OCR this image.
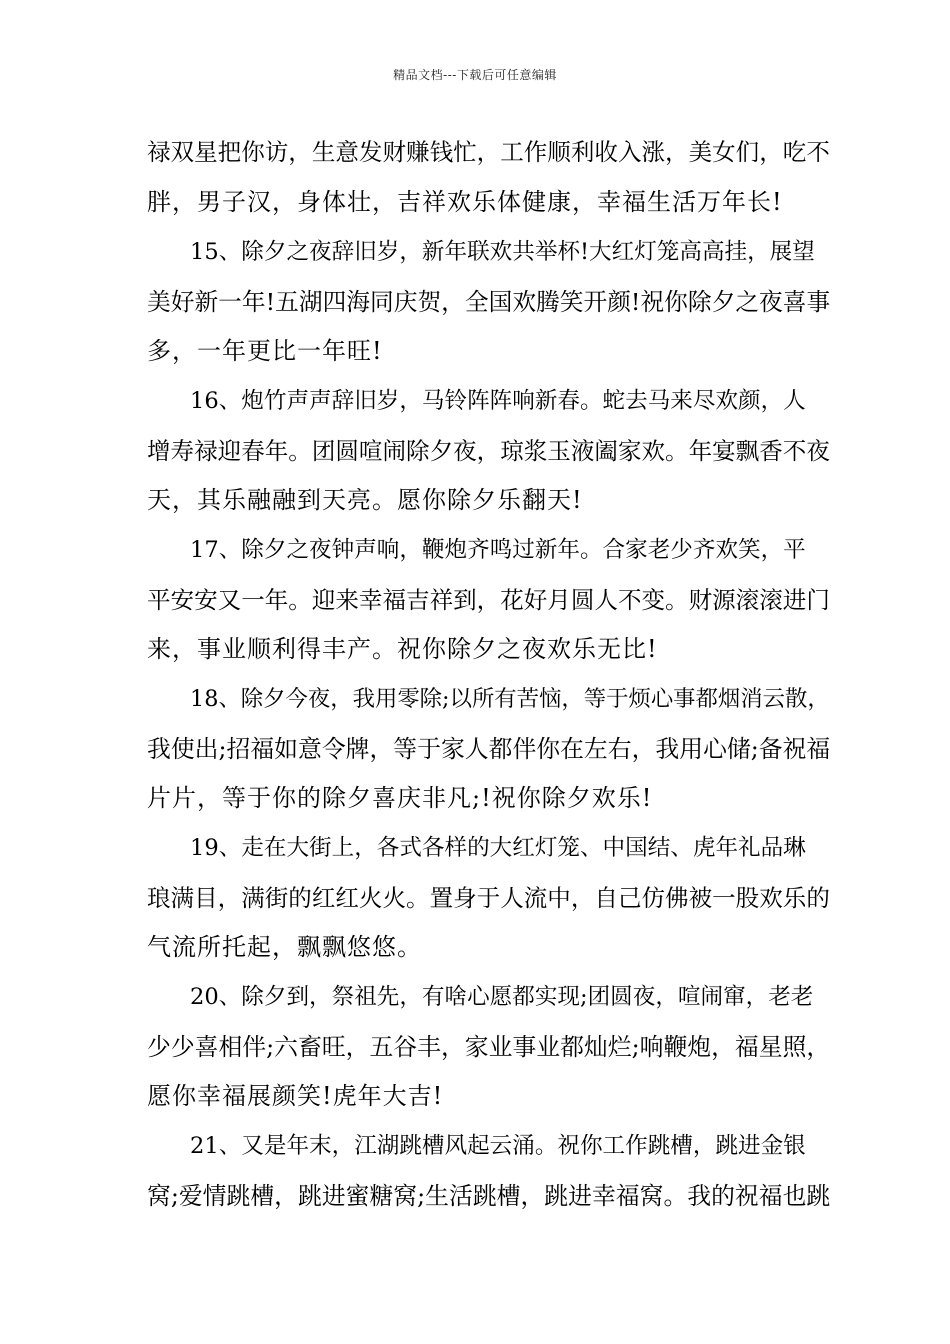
精品文档---下载后可任意编辑
禄双星把你访，生意发财赚钱忙，工作顺利收入涨，美女们，吃不
胖，男子汉，身体壮，吉祥欢乐体健康，幸福生活万年长!
15、除夕之夜辞旧岁，新年联欢共举杯!大红灯笼高高挂，展望
美好新一年!五湖四海同庆贺，全国欢腾笑开颜!祝你除夕之夜喜事
多，一年更比一年旺!
16、炮竹声声辞旧岁，马铃阵阵响新春。蛇去马来尽欢颜，人
增寿禄迎春年。团圆喧闹除夕夜，琼浆玉液阖家欢。年宴飘香不夜
天，其乐融融到天亮。愿你除夕乐翻天!
17、除夕之夜钟声响，鞭炮齐鸣过新年。合家老少齐欢笑，平
平安安又一年。迎来幸福吉祥到，花好月圆人不变。财源滚滚进门
来，事业顺利得丰产。祝你除夕之夜欢乐无比!
18、除夕今夜，我用零除;以所有苦恼，等于烦心事都烟消云散，
我使出;招福如意令牌，等于家人都伴你在左右，我用心储;备祝福
片片，等于你的除夕喜庆非凡;!祝你除夕欢乐!
19、走在大街上，各式各样的大红灯笼、中国结、虎年礼品琳
琅满目，满街的红红火火。置身于人流中，自己仿佛被一股欢乐的
气流所托起，飘飘悠悠。
20、除夕到，祭祖先，有啥心愿都实现;团圆夜，喧闹窜，老老
少少喜相伴;六畜旺，五谷丰，家业事业都灿烂;响鞭炮，福星照，
愿你幸福展颜笑!虎年大吉!
21、又是年末，江湖跳槽风起云涌。祝你工作跳槽，跳进金银
窝;爱情跳槽，跳进蜜糖窝;生活跳槽，跳进幸福窝。我的祝福也跳
